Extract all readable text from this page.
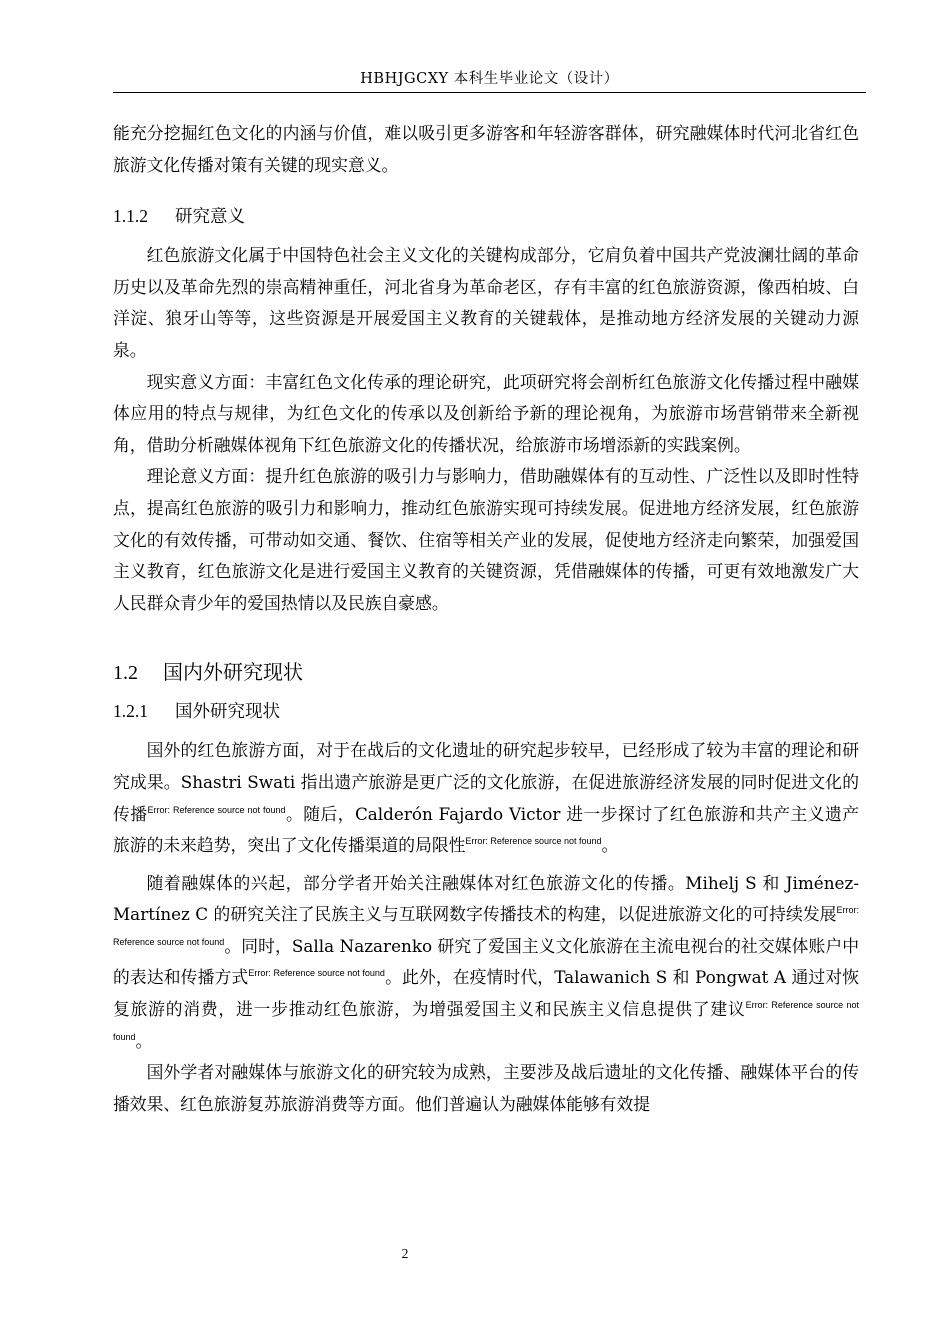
HBHJGCXY 本科生毕业论文（设计）

能充分挖掘红色文化的内涵与价值，难以吸引更多游客和年轻游客群体，研究融媒体时代河北省红色旅游文化传播对策有关键的现实意义。

1.1.2 研究意义

红色旅游文化属于中国特色社会主义文化的关键构成部分，它肩负着中国共产党波澜壮阔的革命历史以及革命先烈的崇高精神重任，河北省身为革命老区，存有丰富的红色旅游资源，像西柏坡、白洋淀、狼牙山等等，这些资源是开展爱国主义教育的关键载体，是推动地方经济发展的关键动力源泉。

现实意义方面：丰富红色文化传承的理论研究，此项研究将会剖析红色旅游文化传播过程中融媒体应用的特点与规律，为红色文化的传承以及创新给予新的理论视角，为旅游市场营销带来全新视角，借助分析融媒体视角下红色旅游文化的传播状况，给旅游市场增添新的实践案例。

理论意义方面：提升红色旅游的吸引力与影响力，借助融媒体有的互动性、广泛性以及即时性特点，提高红色旅游的吸引力和影响力，推动红色旅游实现可持续发展。促进地方经济发展，红色旅游文化的有效传播，可带动如交通、餐饮、住宿等相关产业的发展，促使地方经济走向繁荣，加强爱国主义教育，红色旅游文化是进行爱国主义教育的关键资源，凭借融媒体的传播，可更有效地激发广大人民群众青少年的爱国热情以及民族自豪感。

1.2 国内外研究现状
1.2.1 国外研究现状

国外的红色旅游方面，对于在战后的文化遗址的研究起步较早，已经形成了较为丰富的理论和研究成果。Shastri Swati 指出遗产旅游是更广泛的文化旅游，在促进旅游经济发展的同时促进文化的传播$^{Error: Reference source not found}$。随后，Calderón Fajardo Victor 进一步探讨了红色旅游和共产主义遗产旅游的未来趋势，突出了文化传播渠道的局限性$^{Error: Reference source not found}$。

随着融媒体的兴起，部分学者开始关注融媒体对红色旅游文化的传播。Mihelj S 和 Jiménez‐Martínez C 的研究关注了民族主义与互联网数字传播技术的构建，以促进旅游文化的可持续发展$^{Error: Reference source not found}$。同时，Salla Nazarenko 研究了爱国主义文化旅游在主流电视台的社交媒体账户中的表达和传播方式$^{Error: Reference source not found}$。此外，在疫情时代，Talawanich S 和 Pongwat A 通过对恢复旅游的消费，进一步推动红色旅游，为增强爱国主义和民族主义信息提供了建议$^{Error: Reference source not found}$。

国外学者对融媒体与旅游文化的研究较为成熟，主要涉及战后遗址的文化传播、融媒体平台的传播效果、红色旅游复苏旅游消费等方面。他们普遍认为融媒体能够有效提

2
